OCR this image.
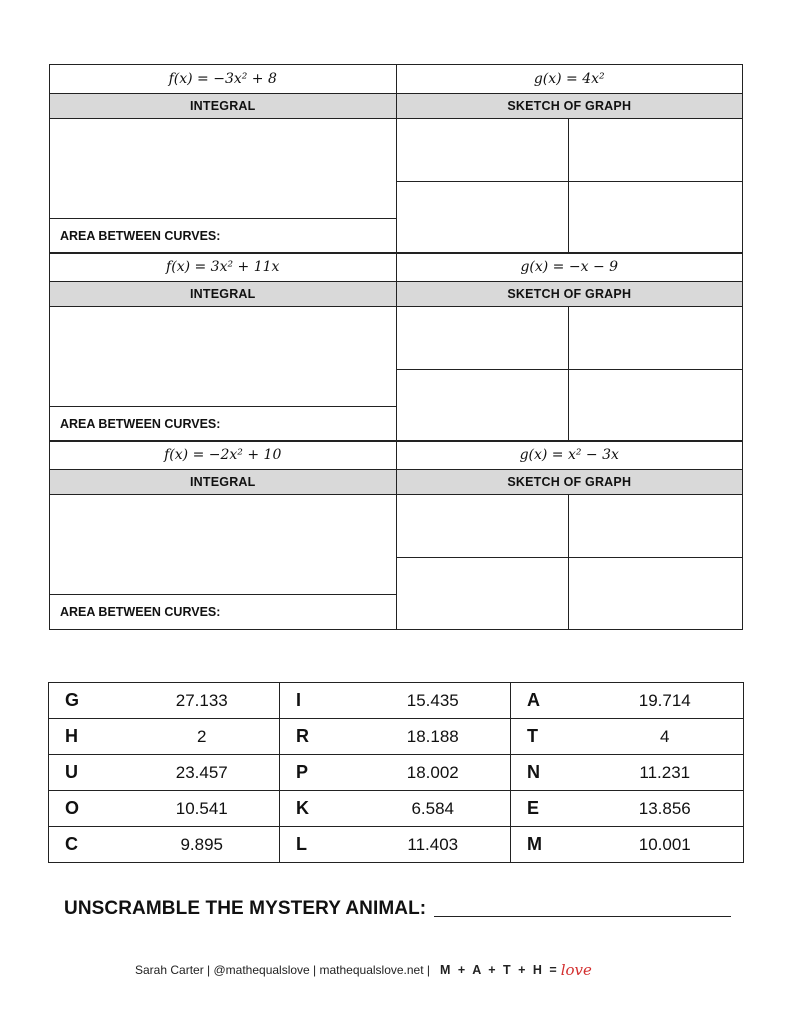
f(x) = −3x² + 8	g(x) = 4x²
INTEGRAL	SKETCH OF GRAPH
AREA BETWEEN CURVES:
f(x) = 3x² + 11x	g(x) = −x − 9
INTEGRAL	SKETCH OF GRAPH
AREA BETWEEN CURVES:
f(x) = −2x² + 10	g(x) = x² − 3x
INTEGRAL	SKETCH OF GRAPH
AREA BETWEEN CURVES:
G	27.133	I	15.435	A	19.714
H	2	R	18.188	T	4
U	23.457	P	18.002	N	11.231
O	10.541	K	6.584	E	13.856
C	9.895	L	11.403	M	10.001
UNSCRAMBLE THE MYSTERY ANIMAL:
Sarah Carter | @mathequalslove | mathequalslove.net | M + A + T + H = love
